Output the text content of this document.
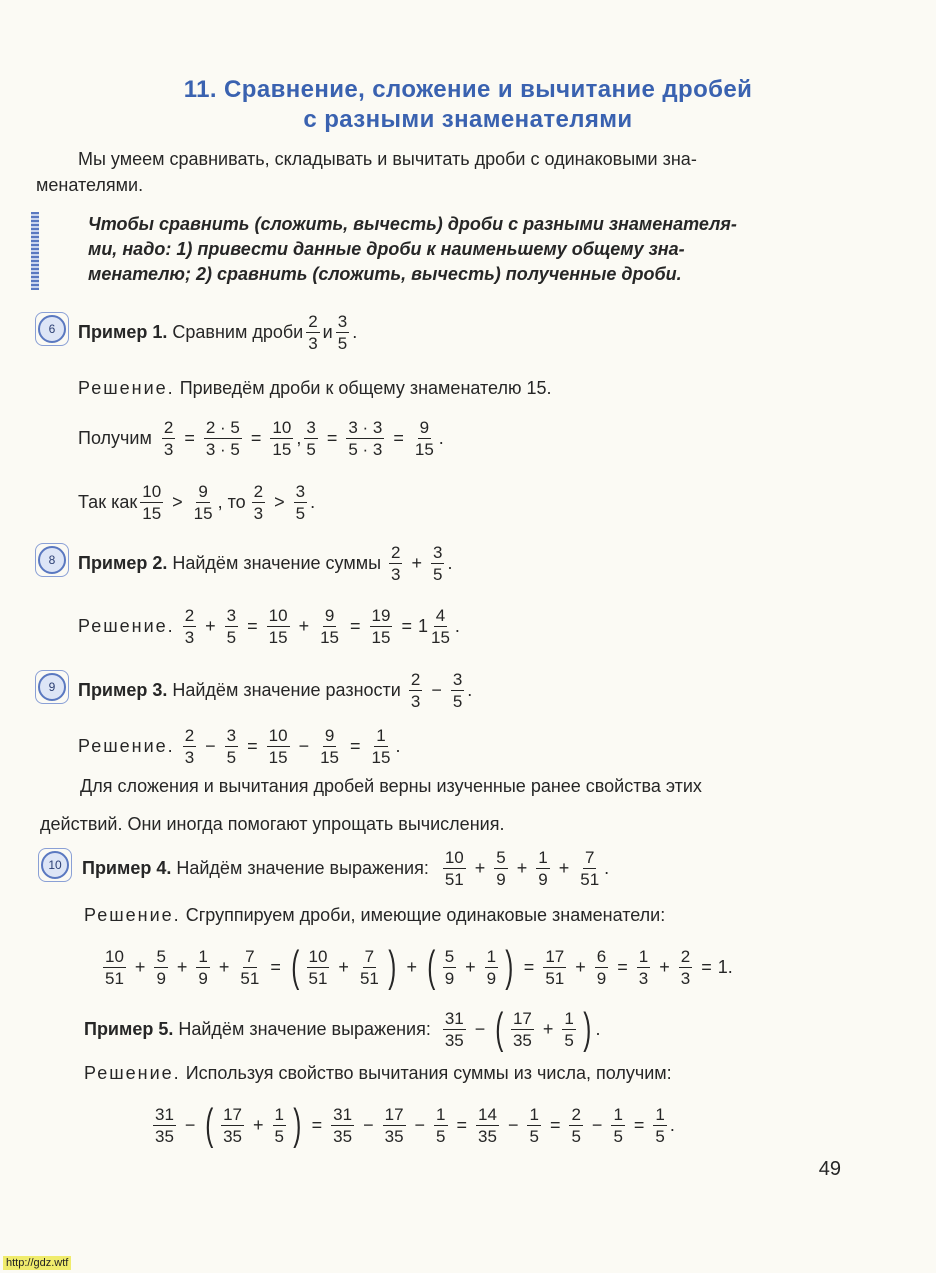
11. Сравнение, сложение и вычитание дробей
с разными знаменателями
Мы умеем сравнивать, складывать и вычитать дроби с одинаковыми зна-
менателями.
Чтобы сравнить (сложить, вычесть) дроби с разными знаменателя-
ми, надо: 1) привести данные дроби к наименьшему общему зна-
менателю; 2) сравнить (сложить, вычесть) полученные дроби.
6	Пример 1.
Сравним дроби $\frac{2}{3}$ и $\frac{3}{5}$ .
Решение.
Приведём дроби к общему знаменателю 15.
Получим $\frac{2}{3} = \frac{2 \cdot 5}{3 \cdot 5} = \frac{10}{15}$ , $\frac{3}{5} = \frac{3 \cdot 3}{5 \cdot 3} = \frac{9}{15}$ .
Так как $\frac{10}{15} > \frac{9}{15}$ , то $\frac{2}{3} > \frac{3}{5}$ .
8	Пример 2.
Найдём значение суммы $\frac{2}{3} + \frac{3}{5}$ .
Решение. $\frac{2}{3} + \frac{3}{5} = \frac{10}{15} + \frac{9}{15} = \frac{19}{15} = 1 \frac{4}{15}$ .
9	Пример 3.
Найдём значение разности $\frac{2}{3} - \frac{3}{5}$ .
Решение. $\frac{2}{3} - \frac{3}{5} = \frac{10}{15} - \frac{9}{15} = \frac{1}{15}$ .
Для сложения и вычитания дробей верны изученные ранее свойства этих
действий. Они иногда помогают упрощать вычисления.
10	Пример 4.
Найдём значение выражения: $\frac{10}{51} + \frac{5}{9} + \frac{1}{9} + \frac{7}{51}$ .
Решение.
Сгруппируем дроби, имеющие одинаковые знаменатели:
$\frac{10}{51} + \frac{5}{9} + \frac{1}{9} + \frac{7}{51}$ = ( $\frac{10}{51} + \frac{7}{51}$ ) + ( $\frac{5}{9} + \frac{1}{9}$ ) = $\frac{17}{51} + \frac{6}{9} = \frac{1}{3} + \frac{2}{3} = 1$.
Пример 5.
Найдём значение выражения: $\frac{31}{35}$ − ( $\frac{17}{35} + \frac{1}{5}$ ) .
Решение.
Используя свойство вычитания суммы из числа, получим:
$\frac{31}{35}$ − ( $\frac{17}{35} + \frac{1}{5}$ ) = $\frac{31}{35} - \frac{17}{35} - \frac{1}{5} = \frac{14}{35} - \frac{1}{5} = \frac{2}{5} - \frac{1}{5} = \frac{1}{5}$ .
49
http://gdz.wtf
